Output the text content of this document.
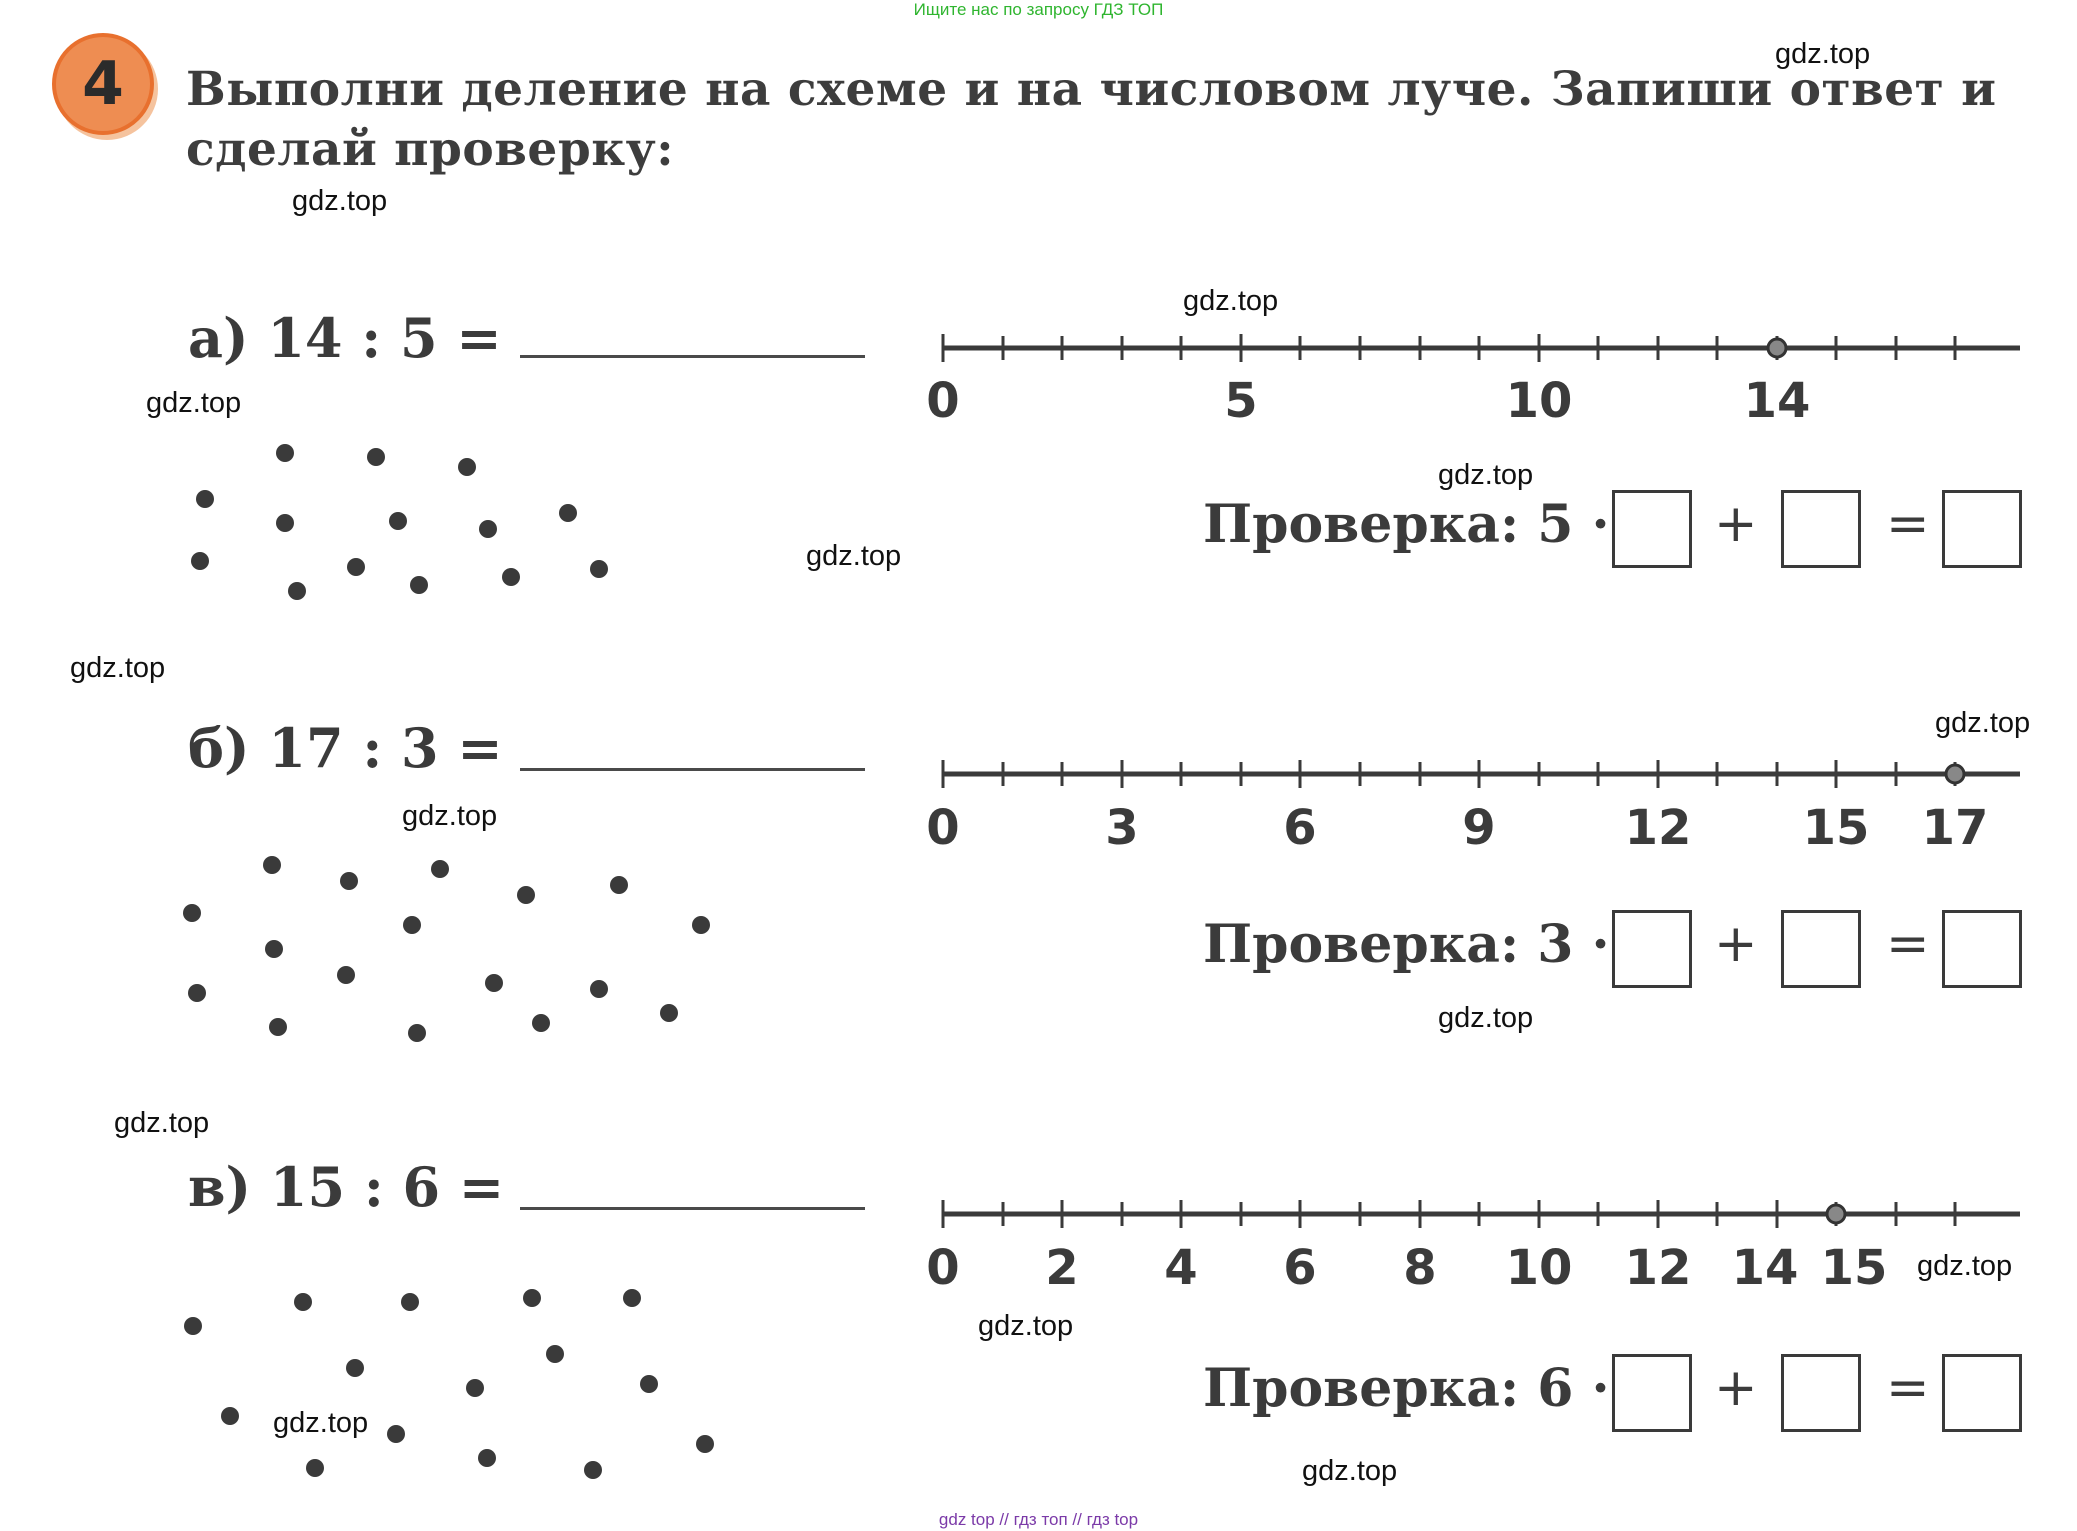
Ищите нас по запросу ГДЗ ТОП
gdz top // гдз топ // гдз top
4	Выполни деление на схеме и на числовом луче. Запиши ответ и сделай проверку:
а) 14 : 5 =
0	5	10	14
Проверка: 5 · + =
б) 17 : 3 =
0	3	6	9	12 15 17
Проверка: 3 · + =
в) 15 : 6 =
0 2 4 6 8 10 12 14 15
Проверка: 6 · + =
gdz.top
gdz.top
gdz.top
gdz.top
gdz.top
gdz.top
gdz.top
gdz.top
gdz.top
gdz.top
gdz.top
gdz.top
gdz.top
gdz.top
gdz.top
